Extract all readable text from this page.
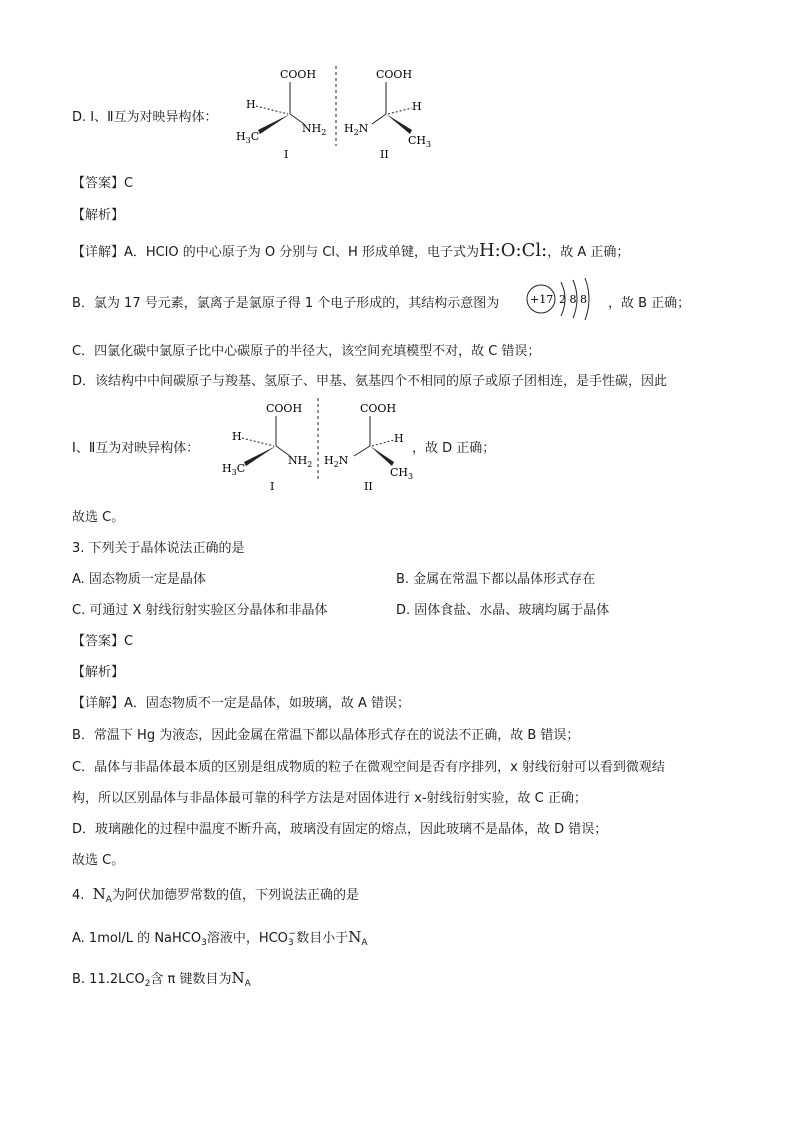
D. Ⅰ、Ⅱ互为对映异构体：
COOH
H
$H_3C$
$NH_2$
I
COOH
H
$H_2N$
$CH_3$
II
【答案】C
【解析】
【详解】A．HClO 的中心原子为 O 分别与 Cl、H 形成单键，电子式为H:O:Cl:，故 A 正确；
B．氯为 17 号元素，氯离子是氯原子得 1 个电子形成的，其结构示意图为	+17 2 8 8 ，故 B 正确；
C．四氯化碳中氯原子比中心碳原子的半径大，该空间充填模型不对，故 C 错误；
D．该结构中中间碳原子与羧基、氢原子、甲基、氨基四个不相同的原子或原子团相连，是手性碳，因此
Ⅰ、Ⅱ互为对映异构体：
COOH
H
$H_3C$
$NH_2$
I
COOH
H
$H_2N$
$CH_3$
II
，故 D 正确；
故选 C。
3. 下列关于晶体说法正确的是
A. 固态物质一定是晶体	B. 金属在常温下都以晶体形式存在
C. 可通过 X 射线衍射实验区分晶体和非晶体	D. 固体食盐、水晶、玻璃均属于晶体
【答案】C
【解析】
【详解】A．固态物质不一定是晶体，如玻璃，故 A 错误；
B．常温下 Hg 为液态，因此金属在常温下都以晶体形式存在的说法不正确，故 B 错误；
C．晶体与非晶体最本质的区别是组成物质的粒子在微观空间是否有序排列，x 射线衍射可以看到微观结
构，所以区别晶体与非晶体最可靠的科学方法是对固体进行 x-射线衍射实验，故 C 正确；
D．玻璃融化的过程中温度不断升高，玻璃没有固定的熔点，因此玻璃不是晶体，故 D 错误；
故选 C。
4. $N_A$为阿伏加德罗常数的值，下列说法正确的是
A. 1mol/L 的 NaHCO$_3$溶液中，$HCO_3^-$数目小于$N_A$
B. $11.2LCO_2$含 π 键数目为$N_A$
